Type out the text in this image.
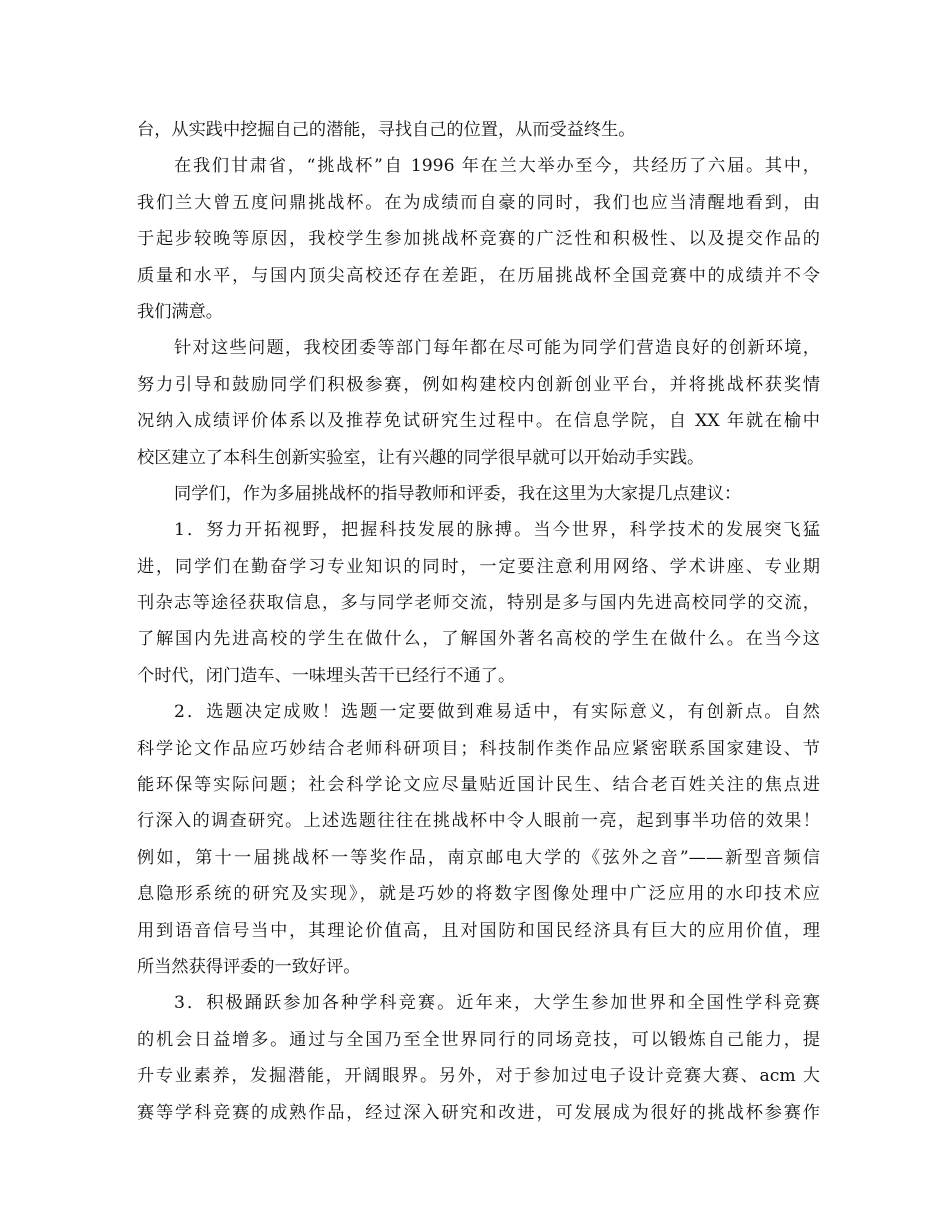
台，从实践中挖掘自己的潜能，寻找自己的位置，从而受益终生。
在我们甘肃省，“挑战杯”自 1996 年在兰大举办至今，共经历了六届。其中，
我们兰大曾五度问鼎挑战杯。在为成绩而自豪的同时，我们也应当清醒地看到，由
于起步较晚等原因，我校学生参加挑战杯竞赛的广泛性和积极性、以及提交作品的
质量和水平，与国内顶尖高校还存在差距，在历届挑战杯全国竞赛中的成绩并不令
我们满意。
针对这些问题，我校团委等部门每年都在尽可能为同学们营造良好的创新环境，
努力引导和鼓励同学们积极参赛，例如构建校内创新创业平台，并将挑战杯获奖情
况纳入成绩评价体系以及推荐免试研究生过程中。在信息学院，自 XX 年就在榆中
校区建立了本科生创新实验室，让有兴趣的同学很早就可以开始动手实践。
同学们，作为多届挑战杯的指导教师和评委，我在这里为大家提几点建议：
1．努力开拓视野，把握科技发展的脉搏。当今世界，科学技术的发展突飞猛
进，同学们在勤奋学习专业知识的同时，一定要注意利用网络、学术讲座、专业期
刊杂志等途径获取信息，多与同学老师交流，特别是多与国内先进高校同学的交流，
了解国内先进高校的学生在做什么，了解国外著名高校的学生在做什么。在当今这
个时代，闭门造车、一味埋头苦干已经行不通了。
2．选题决定成败！选题一定要做到难易适中，有实际意义，有创新点。自然
科学论文作品应巧妙结合老师科研项目；科技制作类作品应紧密联系国家建设、节
能环保等实际问题；社会科学论文应尽量贴近国计民生、结合老百姓关注的焦点进
行深入的调查研究。上述选题往往在挑战杯中令人眼前一亮，起到事半功倍的效果！
例如，第十一届挑战杯一等奖作品，南京邮电大学的《弦外之音”——新型音频信
息隐形系统的研究及实现》，就是巧妙的将数字图像处理中广泛应用的水印技术应
用到语音信号当中，其理论价值高，且对国防和国民经济具有巨大的应用价值，理
所当然获得评委的一致好评。
3．积极踊跃参加各种学科竞赛。近年来，大学生参加世界和全国性学科竞赛
的机会日益增多。通过与全国乃至全世界同行的同场竞技，可以锻炼自己能力，提
升专业素养，发掘潜能，开阔眼界。另外，对于参加过电子设计竞赛大赛、acm 大
赛等学科竞赛的成熟作品，经过深入研究和改进，可发展成为很好的挑战杯参赛作
